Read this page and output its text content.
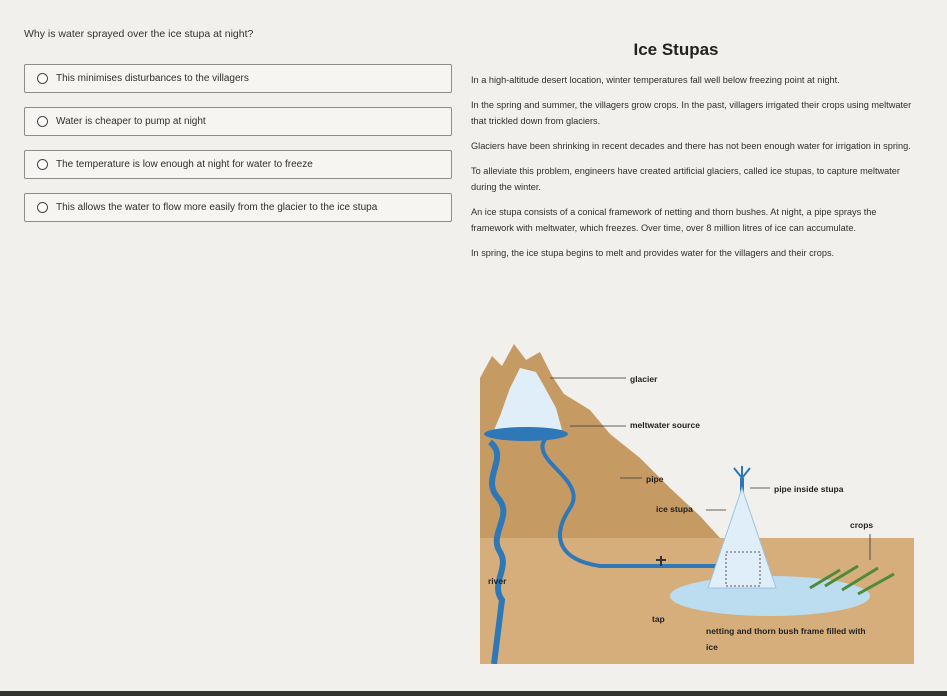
Why is water sprayed over the ice stupa at night?
This minimises disturbances to the villagers
Water is cheaper to pump at night
The temperature is low enough at night for water to freeze
This allows the water to flow more easily from the glacier to the ice stupa
Ice Stupas

In a high-altitude desert location, winter temperatures fall well below freezing point at night.

In the spring and summer, the villagers grow crops. In the past, villagers irrigated their crops using meltwater that trickled down from glaciers.

Glaciers have been shrinking in recent decades and there has not been enough water for irrigation in spring.

To alleviate this problem, engineers have created artificial glaciers, called ice stupas, to capture meltwater during the winter.

An ice stupa consists of a conical framework of netting and thorn bushes. At night, a pipe sprays the framework with meltwater, which freezes. Over time, over 8 million litres of ice can accumulate.

In spring, the ice stupa begins to melt and provides water for the villagers and their crops.

glacier
meltwater source
pipe
pipe inside stupa
ice stupa
crops
river
tap
netting and thorn bush frame filled with
ice
